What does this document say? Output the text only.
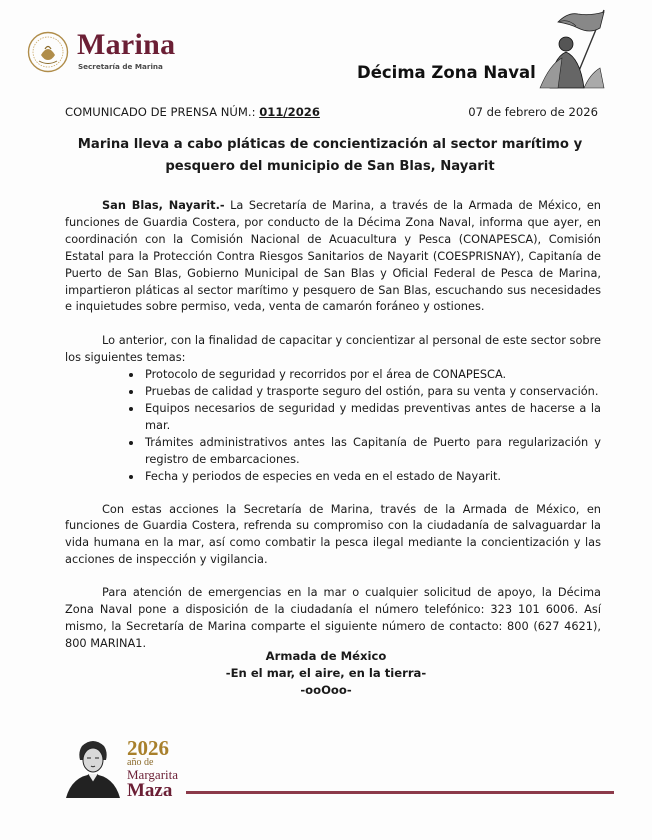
Marina
Secretaría de Marina	Décima Zona Naval
COMUNICADO DE PRENSA NÚM.: 011/2026	07 de febrero de 2026
Marina lleva a cabo pláticas de concientización al sector marítimo y pesquero del municipio de San Blas, Nayarit

San Blas, Nayarit.- La Secretaría de Marina, a través de la Armada de México, en funciones de Guardia Costera, por conducto de la Décima Zona Naval, informa que ayer, en coordinación con la Comisión Nacional de Acuacultura y Pesca (CONAPESCA), Comisión Estatal para la Protección Contra Riesgos Sanitarios de Nayarit (COESPRISNAY), Capitanía de Puerto de San Blas, Gobierno Municipal de San Blas y Oficial Federal de Pesca de Marina, impartieron pláticas al sector marítimo y pesquero de San Blas, escuchando sus necesidades e inquietudes sobre permiso, veda, venta de camarón foráneo y ostiones.

Lo anterior, con la finalidad de capacitar y concientizar al personal de este sector sobre los siguientes temas:

• Protocolo de seguridad y recorridos por el área de CONAPESCA.
• Pruebas de calidad y trasporte seguro del ostión, para su venta y conservación.
• Equipos necesarios de seguridad y medidas preventivas antes de hacerse a la mar.
• Trámites administrativos antes las Capitanía de Puerto para regularización y registro de embarcaciones.
• Fecha y periodos de especies en veda en el estado de Nayarit.

Con estas acciones la Secretaría de Marina, través de la Armada de México, en funciones de Guardia Costera, refrenda su compromiso con la ciudadanía de salvaguardar la vida humana en la mar, así como combatir la pesca ilegal mediante la concientización y las acciones de inspección y vigilancia.

Para atención de emergencias en la mar o cualquier solicitud de apoyo, la Décima Zona Naval pone a disposición de la ciudadanía el número telefónico: 323 101 6006. Así mismo, la Secretaría de Marina comparte el siguiente número de contacto: 800 (627 4621), 800 MARINA1.

Armada de México
-En el mar, el aire, en la tierra-
-ooOoo-
2026
año de
Margarita
Maza
